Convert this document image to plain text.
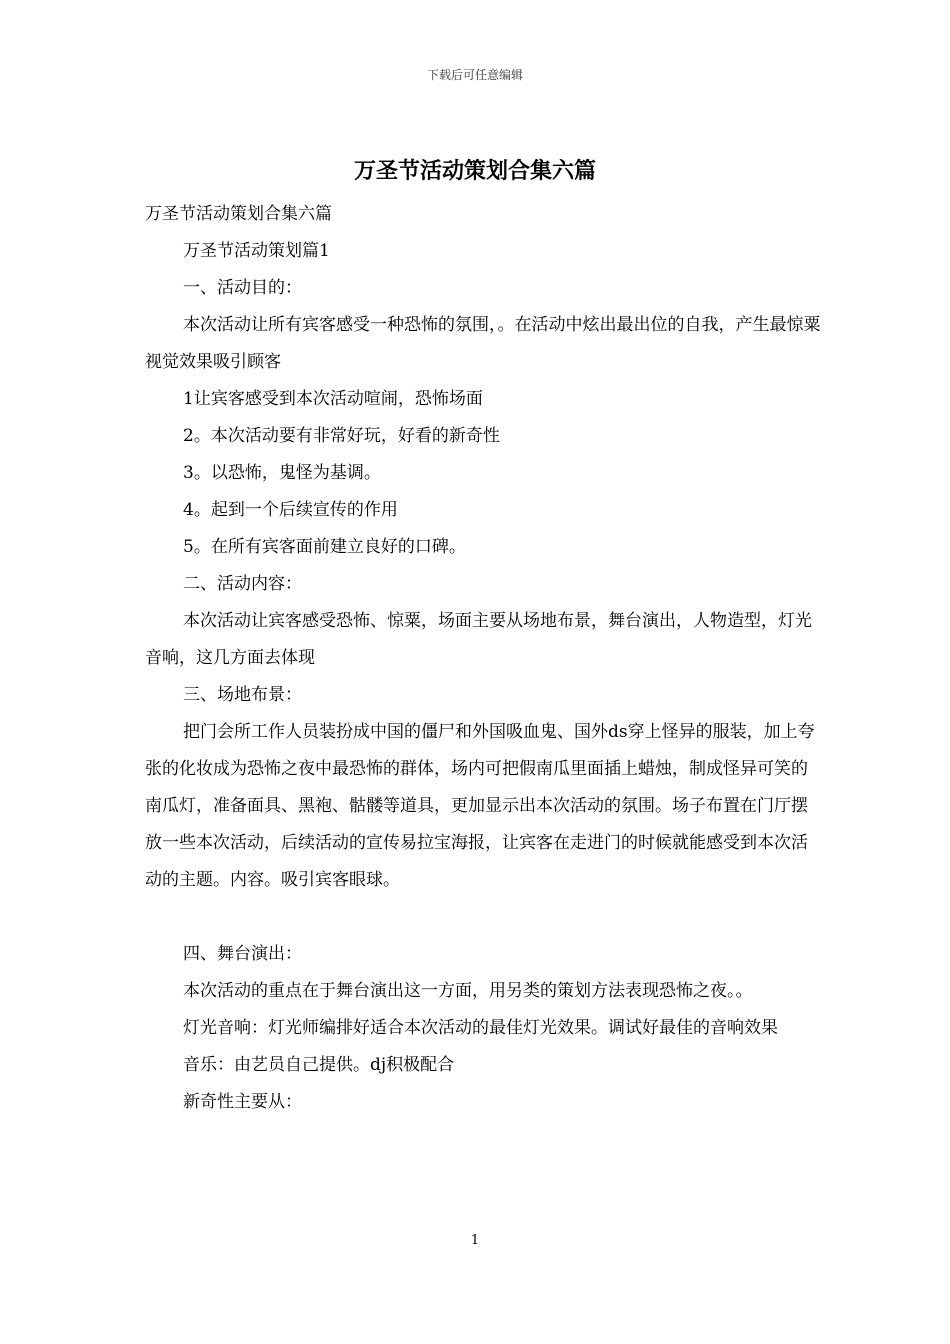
下载后可任意编辑
万圣节活动策划合集六篇

万圣节活动策划合集六篇

万圣节活动策划篇1

一、活动目的：

本次活动让所有宾客感受一种恐怖的氛围，。在活动中炫出最出位的自我，产生最惊粟视觉效果吸引顾客

1让宾客感受到本次活动喧闹，恐怖场面

2。本次活动要有非常好玩，好看的新奇性

3。以恐怖，鬼怪为基调。

4。起到一个后续宣传的作用

5。在所有宾客面前建立良好的口碑。

二、活动内容：

本次活动让宾客感受恐怖、惊粟，场面主要从场地布景，舞台演出，人物造型，灯光音响，这几方面去体现

三、场地布景：

把门会所工作人员装扮成中国的僵尸和外国吸血鬼、国外ds穿上怪异的服装，加上夸张的化妆成为恐怖之夜中最恐怖的群体，场内可把假南瓜里面插上蜡烛，制成怪异可笑的南瓜灯，准备面具、黑袍、骷髅等道具，更加显示出本次活动的氛围。场子布置在门厅摆放一些本次活动，后续活动的宣传易拉宝海报，让宾客在走进门的时候就能感受到本次活动的主题。内容。吸引宾客眼球。

四、舞台演出：

本次活动的重点在于舞台演出这一方面，用另类的策划方法表现恐怖之夜。。

灯光音响：灯光师编排好适合本次活动的最佳灯光效果。调试好最佳的音响效果

音乐：由艺员自己提供。dj积极配合

新奇性主要从：

1
